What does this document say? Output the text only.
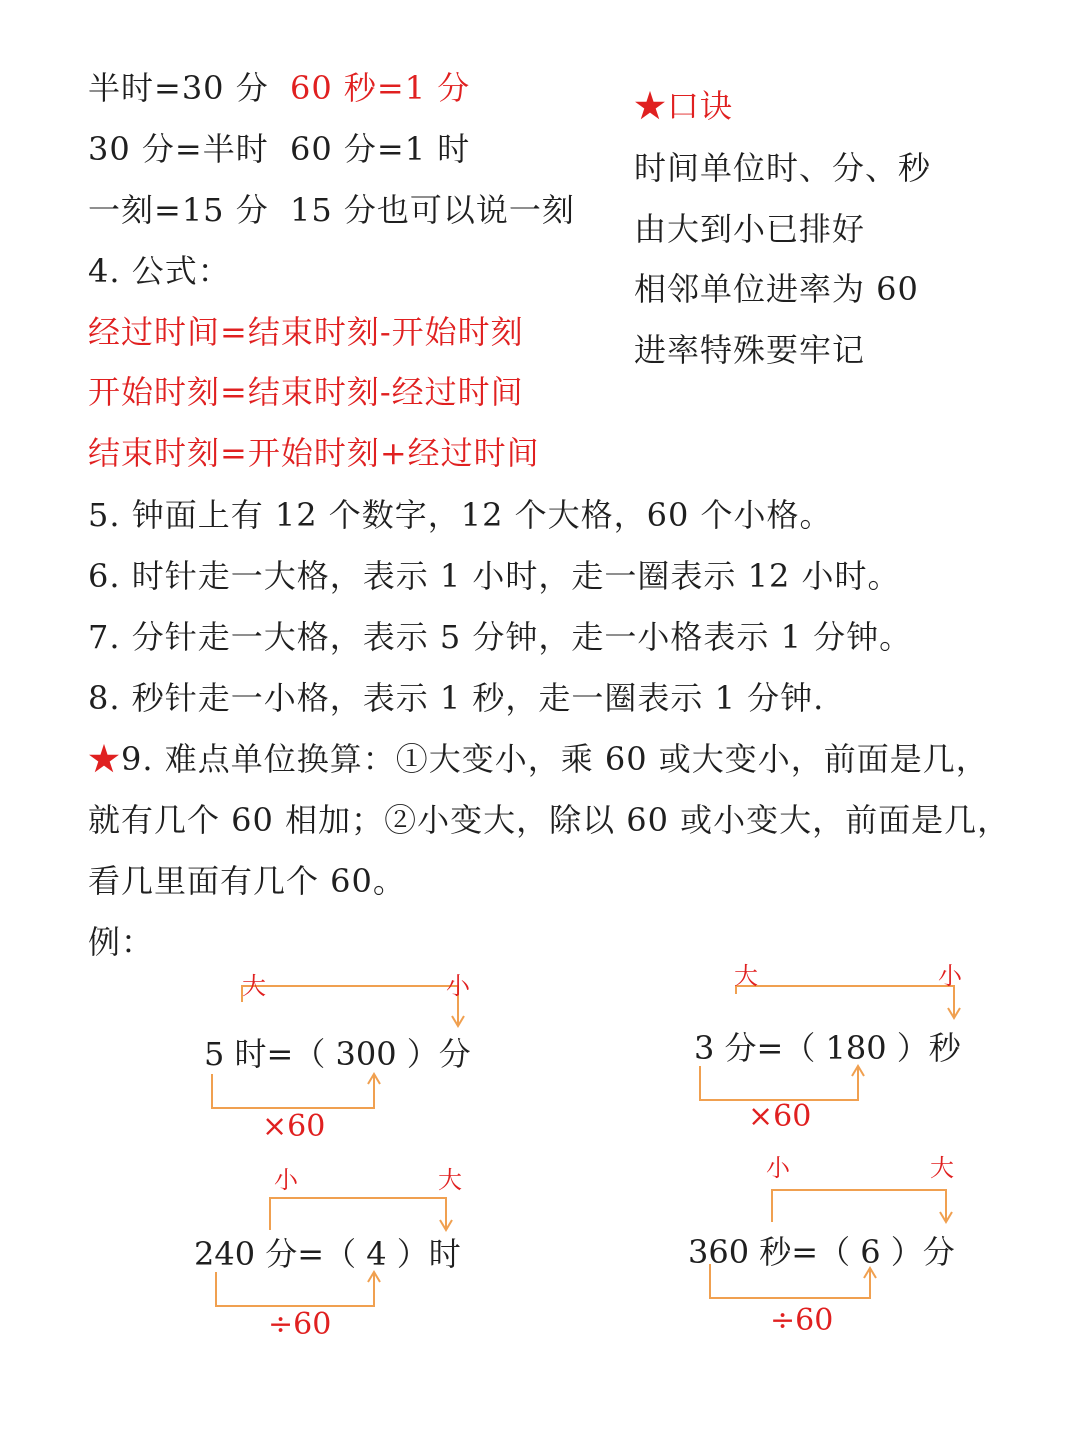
半时=30 分 60 秒=1 分
30 分=半时 60 分=1 时
一刻=15 分 15 分也可以说一刻
★口诀
时间单位时、分、秒
由大到小已排好
相邻单位进率为 60
进率特殊要牢记
4. 公式：
经过时间=结束时刻-开始时刻
开始时刻=结束时刻-经过时间
结束时刻=开始时刻+经过时间
5. 钟面上有 12 个数字，12 个大格，60 个小格。
6. 时针走一大格，表示 1 小时，走一圈表示 12 小时。
7. 分针走一大格，表示 5 分钟，走一小格表示 1 分钟。
8. 秒针走一小格，表示 1 秒，走一圈表示 1 分钟.
★9. 难点单位换算：①大变小，乘 60 或大变小，前面是几，
就有几个 60 相加；②小变大，除以 60 或小变大，前面是几，
看几里面有几个 60。
例：
大	小
5 时=（ 300 ）分
×60
大	小
3 分=（ 180 ）秒
×60
小	大
240 分=（ 4 ）时
÷60
小	大
360 秒=（ 6 ）分
÷60
